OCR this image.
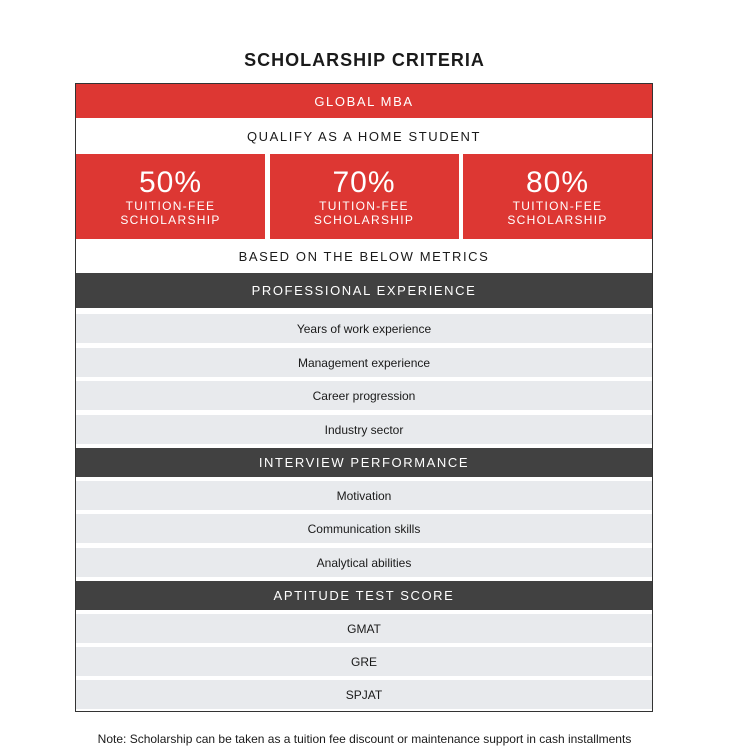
SCHOLARSHIP CRITERIA
GLOBAL MBA
QUALIFY AS A HOME STUDENT
50%
TUITION-FEE
SCHOLARSHIP
70%
TUITION-FEE
SCHOLARSHIP
80%
TUITION-FEE
SCHOLARSHIP
BASED ON THE BELOW METRICS
PROFESSIONAL EXPERIENCE
Years of work experience
Management experience
Career progression
Industry sector
INTERVIEW PERFORMANCE
Motivation
Communication skills
Analytical abilities
APTITUDE TEST SCORE
GMAT
GRE
SPJAT
Note: Scholarship can be taken as a tuition fee discount or maintenance support in cash installments
